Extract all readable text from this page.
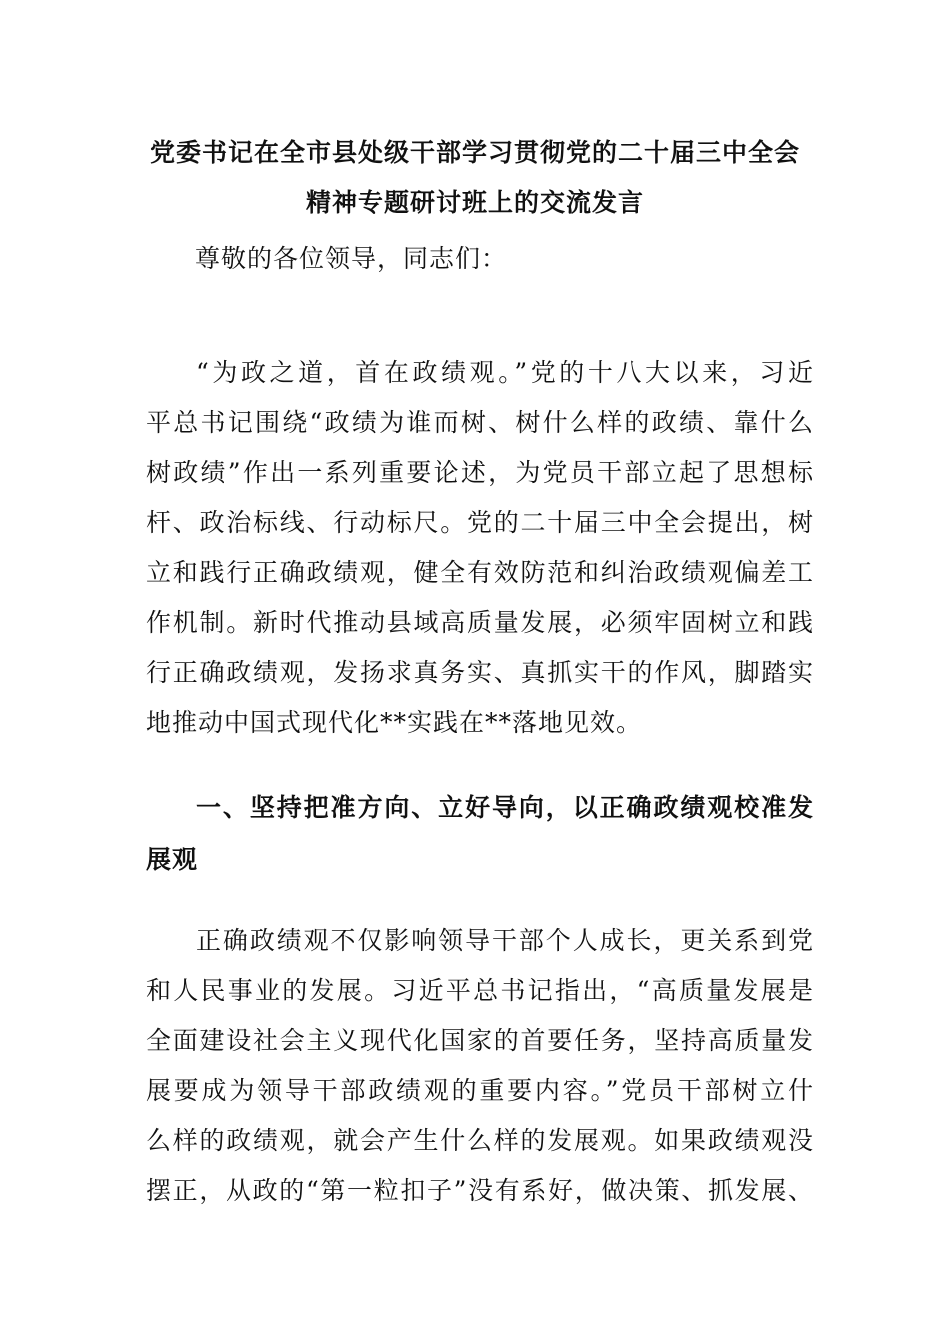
党委书记在全市县处级干部学习贯彻党的二十届三中全会
精神专题研讨班上的交流发言
尊敬的各位领导，同志们：
“为政之道，首在政绩观。”党的十八大以来，习近
平总书记围绕“政绩为谁而树、树什么样的政绩、靠什么
树政绩”作出一系列重要论述，为党员干部立起了思想标
杆、政治标线、行动标尺。党的二十届三中全会提出，树
立和践行正确政绩观，健全有效防范和纠治政绩观偏差工
作机制。新时代推动县域高质量发展，必须牢固树立和践
行正确政绩观，发扬求真务实、真抓实干的作风，脚踏实
地推动中国式现代化**实践在**落地见效。
一、坚持把准方向、立好导向，以正确政绩观校准发
展观
正确政绩观不仅影响领导干部个人成长，更关系到党
和人民事业的发展。习近平总书记指出，“高质量发展是
全面建设社会主义现代化国家的首要任务，坚持高质量发
展要成为领导干部政绩观的重要内容。”党员干部树立什
么样的政绩观，就会产生什么样的发展观。如果政绩观没
摆正，从政的“第一粒扣子”没有系好，做决策、抓发展、
